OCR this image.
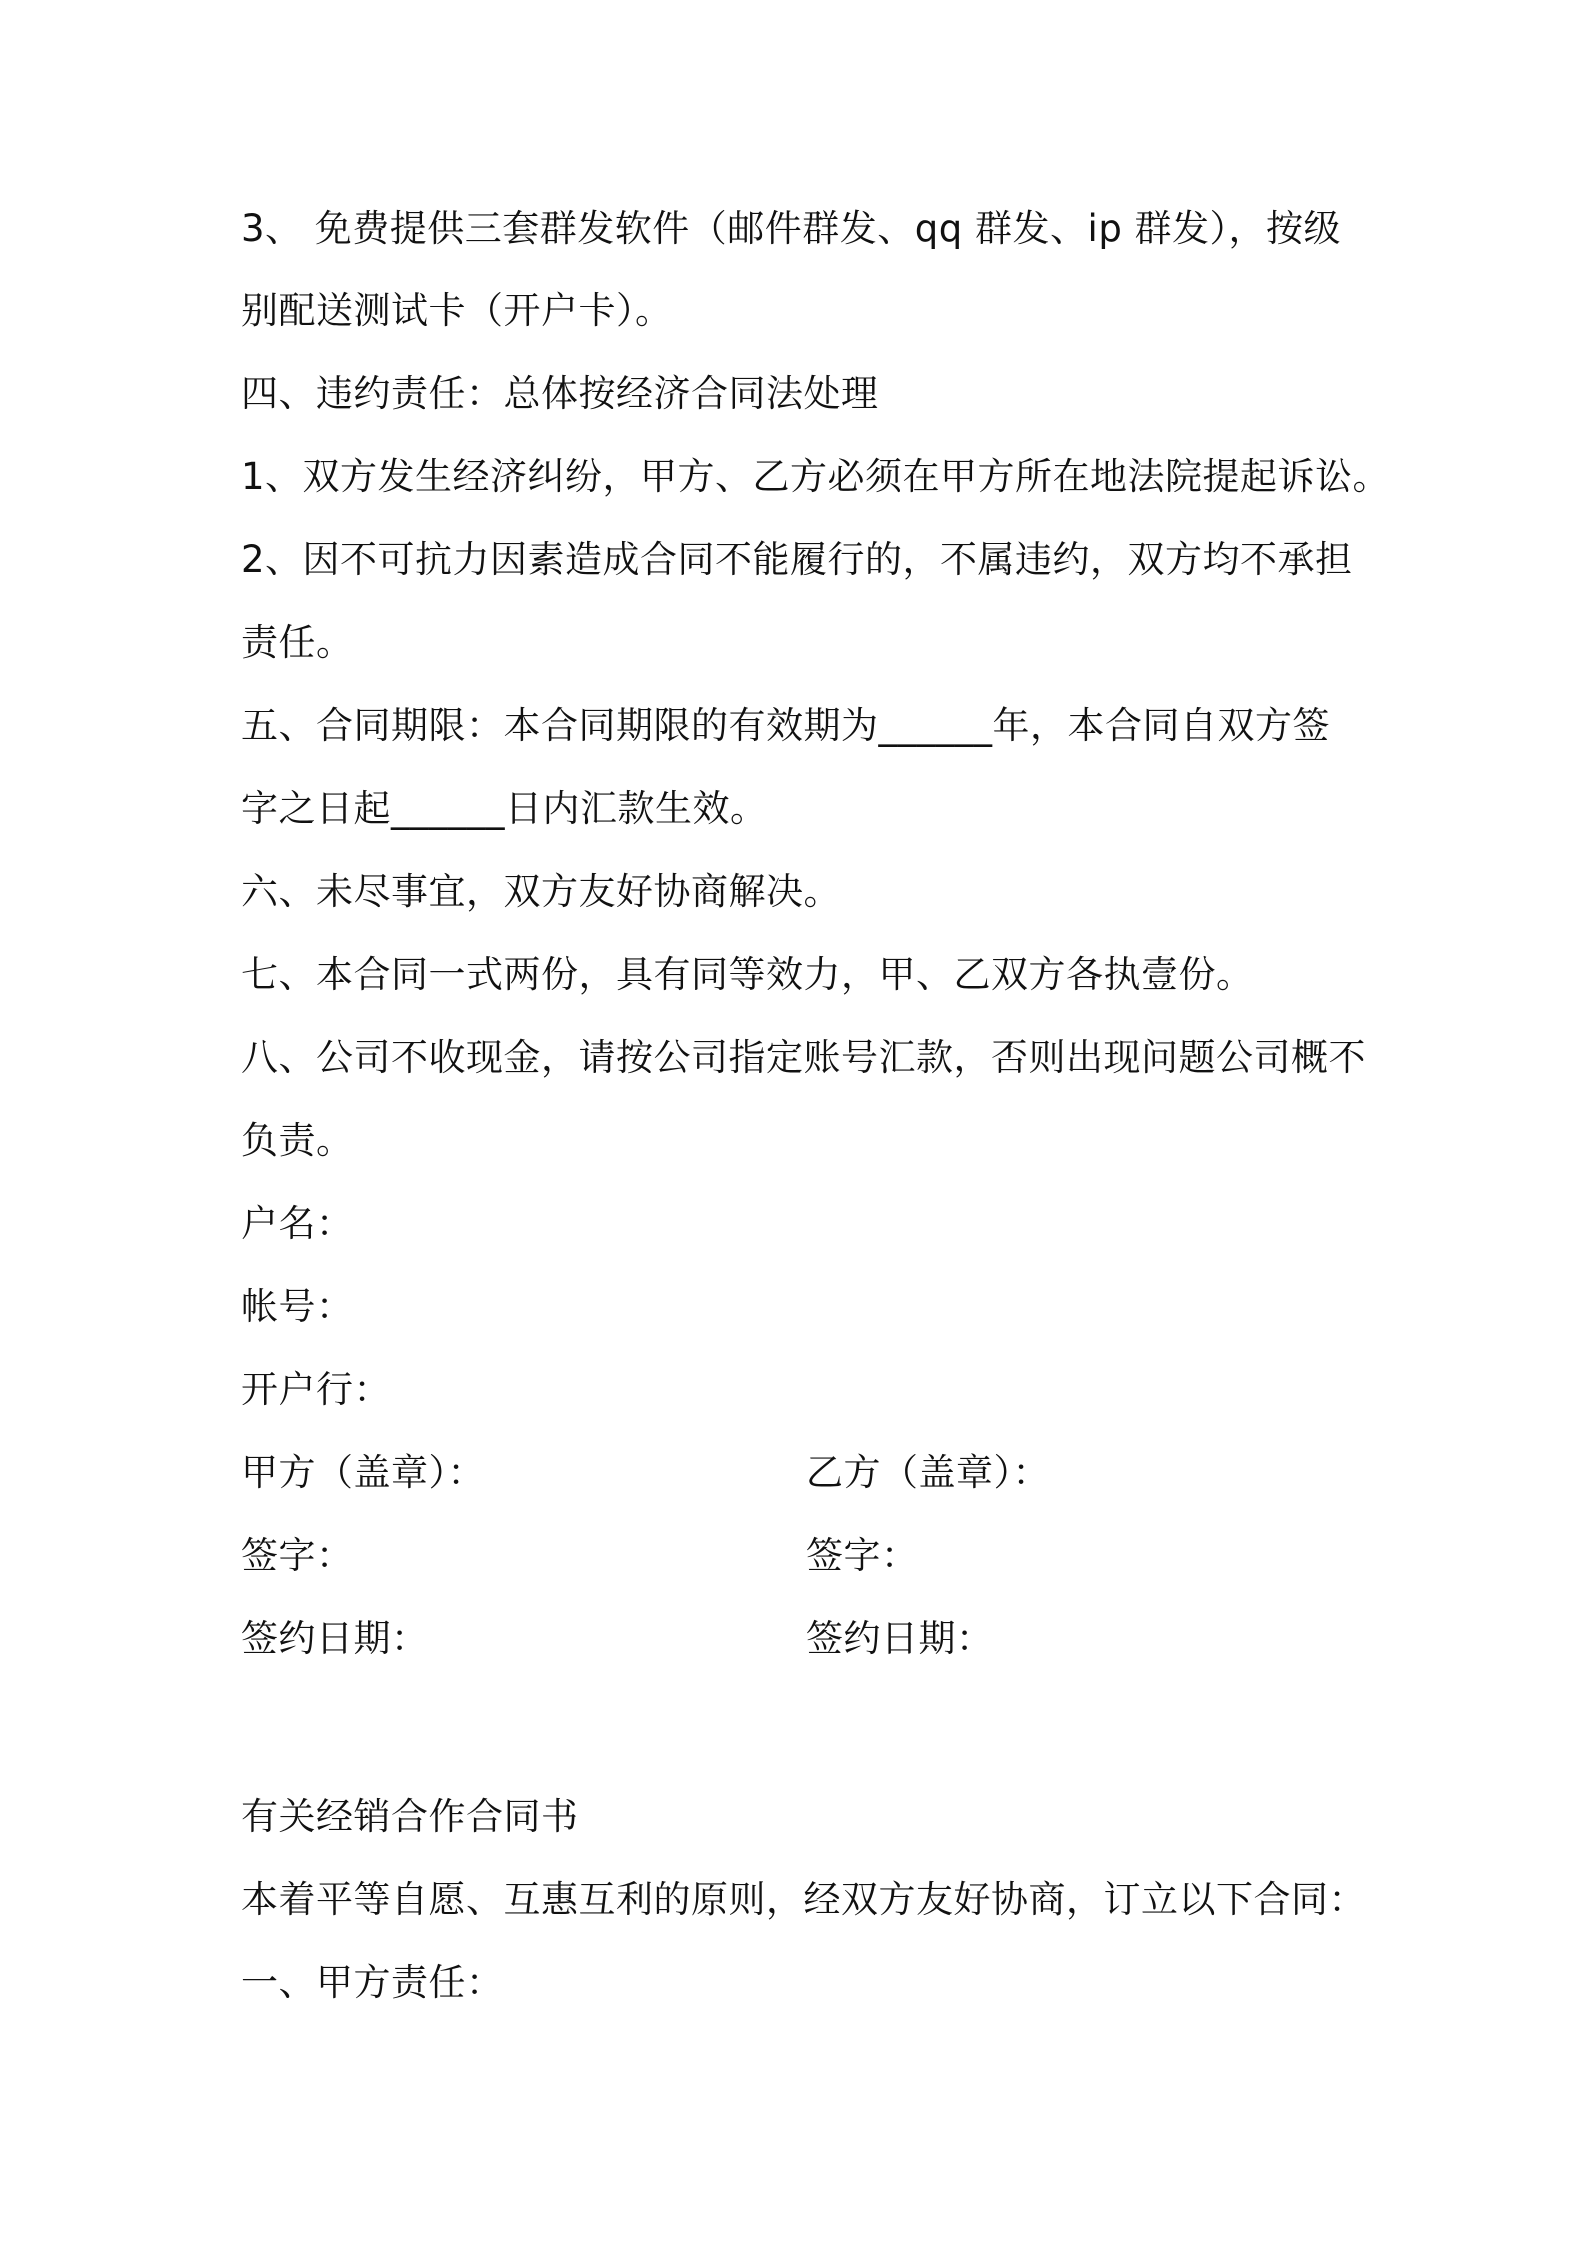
3、 免费提供三套群发软件（邮件群发、qq 群发、ip 群发），按级
别配送测试卡（开户卡）。
四、违约责任：总体按经济合同法处理
1、双方发生经济纠纷，甲方、乙方必须在甲方所在地法院提起诉讼。
2、因不可抗力因素造成合同不能履行的，不属违约，双方均不承担
责任。
五、合同期限：本合同期限的有效期为______年，本合同自双方签
字之日起______日内汇款生效。
六、未尽事宜，双方友好协商解决。
七、本合同一式两份，具有同等效力，甲、乙双方各执壹份。
八、公司不收现金，请按公司指定账号汇款，否则出现问题公司概不
负责。
户名：
帐号：
开户行：
甲方（盖章）：	乙方（盖章）：
签字：	签字：
签约日期：	签约日期：
有关经销合作合同书
本着平等自愿、互惠互利的原则，经双方友好协商，订立以下合同：
一、甲方责任：
